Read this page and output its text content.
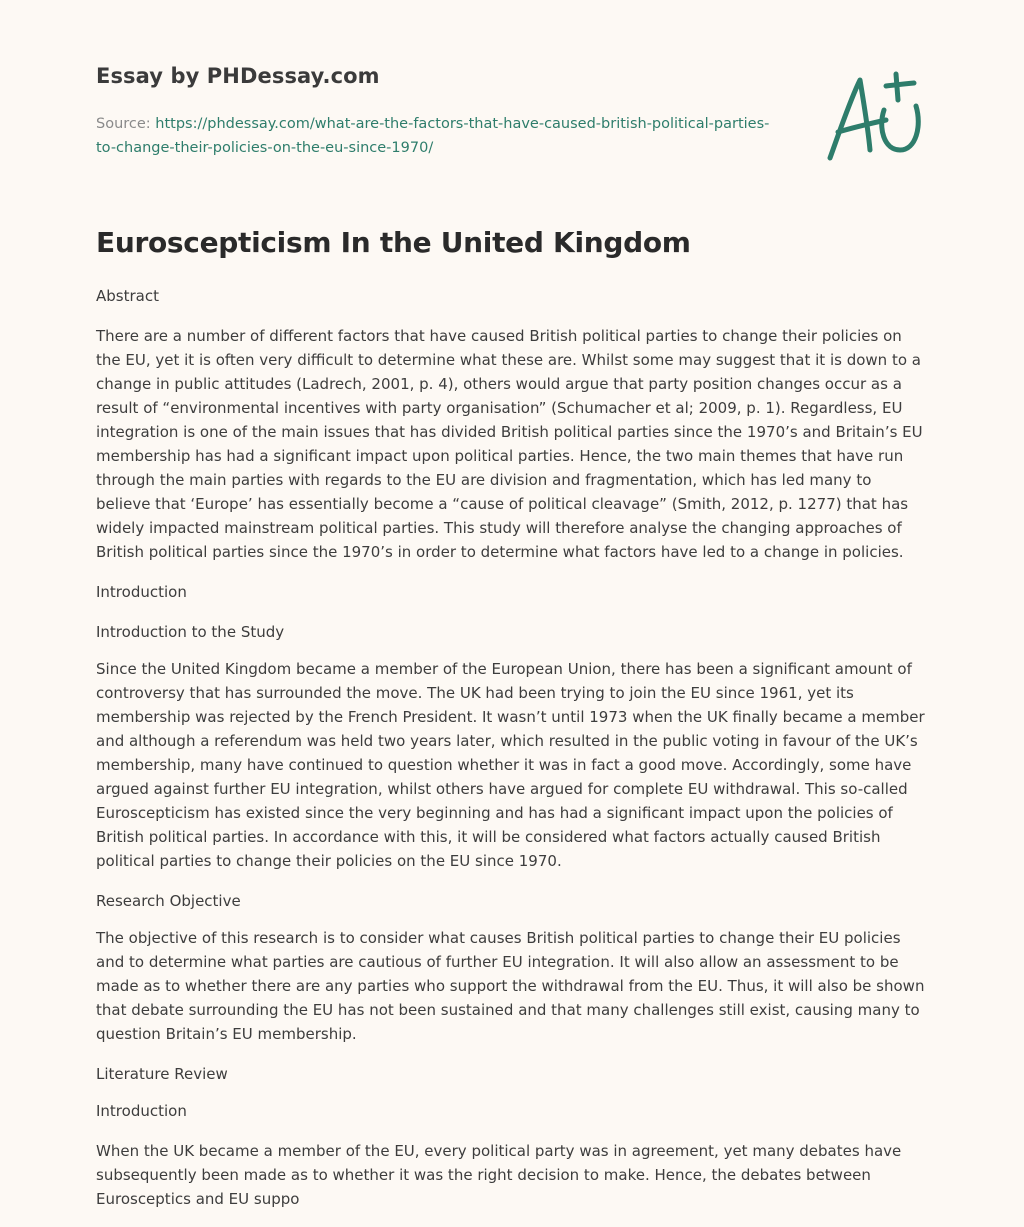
Essay by PHDessay.com
Source: https://phdessay.com/what-are-the-factors-that-have-caused-british-political-parties-to-change-their-policies-on-the-eu-since-1970/
Euroscepticism In the United Kingdom
Abstract

There are a number of different factors that have caused British political parties to change their policies on the EU, yet it is often very difficult to determine what these are. Whilst some may suggest that it is down to a change in public attitudes (Ladrech, 2001, p. 4), others would argue that party position changes occur as a result of “environmental incentives with party organisation” (Schumacher et al; 2009, p. 1). Regardless, EU integration is one of the main issues that has divided British political parties since the 1970’s and Britain’s EU membership has had a significant impact upon political parties. Hence, the two main themes that have run through the main parties with regards to the EU are division and fragmentation, which has led many to believe that ‘Europe’ has essentially become a “cause of political cleavage” (Smith, 2012, p. 1277) that has widely impacted mainstream political parties. This study will therefore analyse the changing approaches of British political parties since the 1970’s in order to determine what factors have led to a change in policies.

Introduction
Introduction to the Study

Since the United Kingdom became a member of the European Union, there has been a significant amount of controversy that has surrounded the move. The UK had been trying to join the EU since 1961, yet its membership was rejected by the French President. It wasn’t until 1973 when the UK finally became a member and although a referendum was held two years later, which resulted in the public voting in favour of the UK’s membership, many have continued to question whether it was in fact a good move. Accordingly, some have argued against further EU integration, whilst others have argued for complete EU withdrawal. This so-called Euroscepticism has existed since the very beginning and has had a significant impact upon the policies of British political parties. In accordance with this, it will be considered what factors actually caused British political parties to change their policies on the EU since 1970.

Research Objective

The objective of this research is to consider what causes British political parties to change their EU policies and to determine what parties are cautious of further EU integration. It will also allow an assessment to be made as to whether there are any parties who support the withdrawal from the EU. Thus, it will also be shown that debate surrounding the EU has not been sustained and that many challenges still exist, causing many to question Britain’s EU membership.

Literature Review
Introduction

When the UK became a member of the EU, every political party was in agreement, yet many debates have subsequently been made as to whether it was the right decision to make. Hence, the debates between Eurosceptics and EU suppo
